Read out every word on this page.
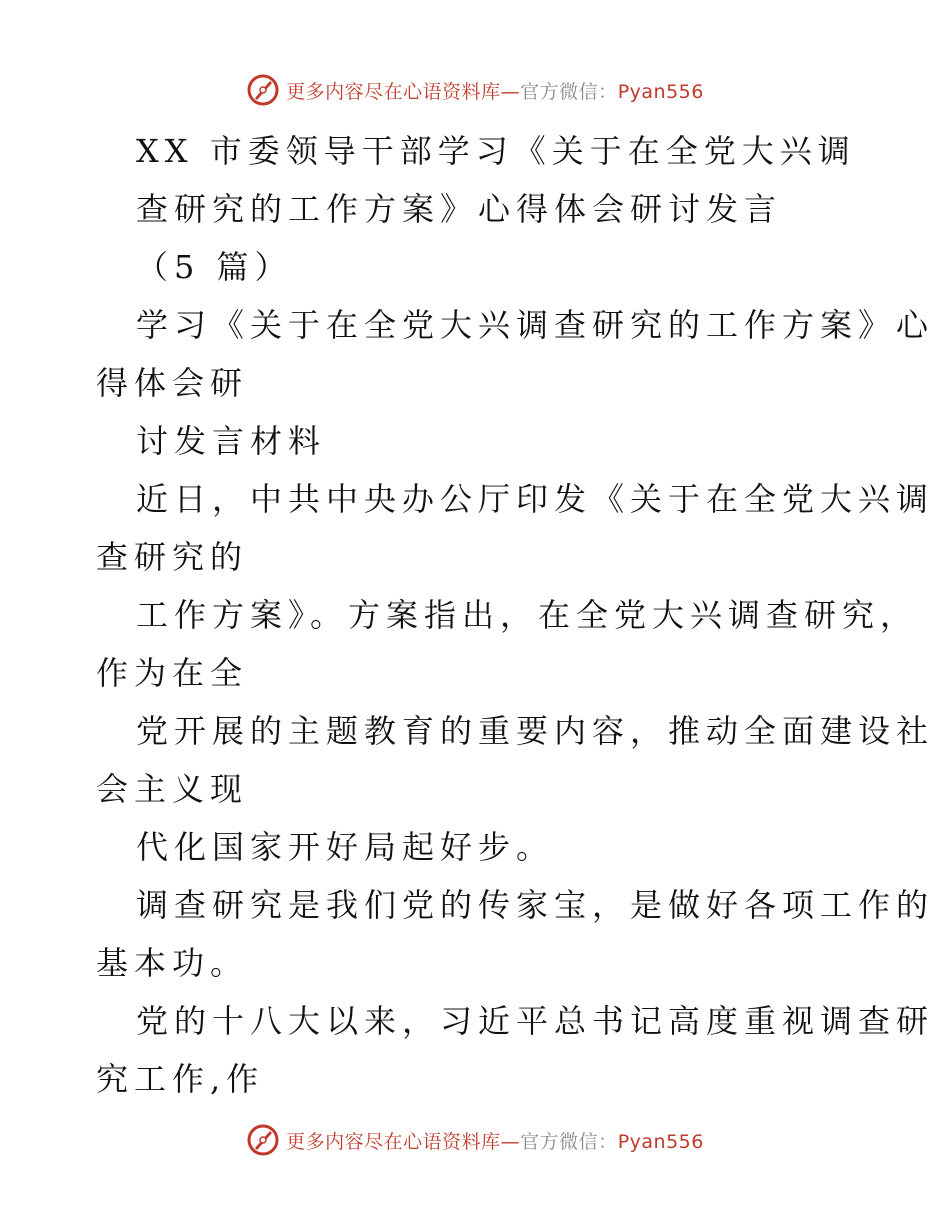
更多内容尽在心语资料库—官方微信：Pyan556
XX 市委领导干部学习《关于在全党大兴调
查研究的工作方案》心得体会研讨发言
（5 篇）
学习《关于在全党大兴调查研究的工作方案》心
得体会研
讨发言材料
近日，中共中央办公厅印发《关于在全党大兴调
查研究的
工作方案》。方案指出，在全党大兴调查研究，
作为在全
党开展的主题教育的重要内容，推动全面建设社
会主义现
代化国家开好局起好步。
调查研究是我们党的传家宝，是做好各项工作的
基本功。
党的十八大以来，习近平总书记高度重视调查研
究工作,作
更多内容尽在心语资料库—官方微信：Pyan556
